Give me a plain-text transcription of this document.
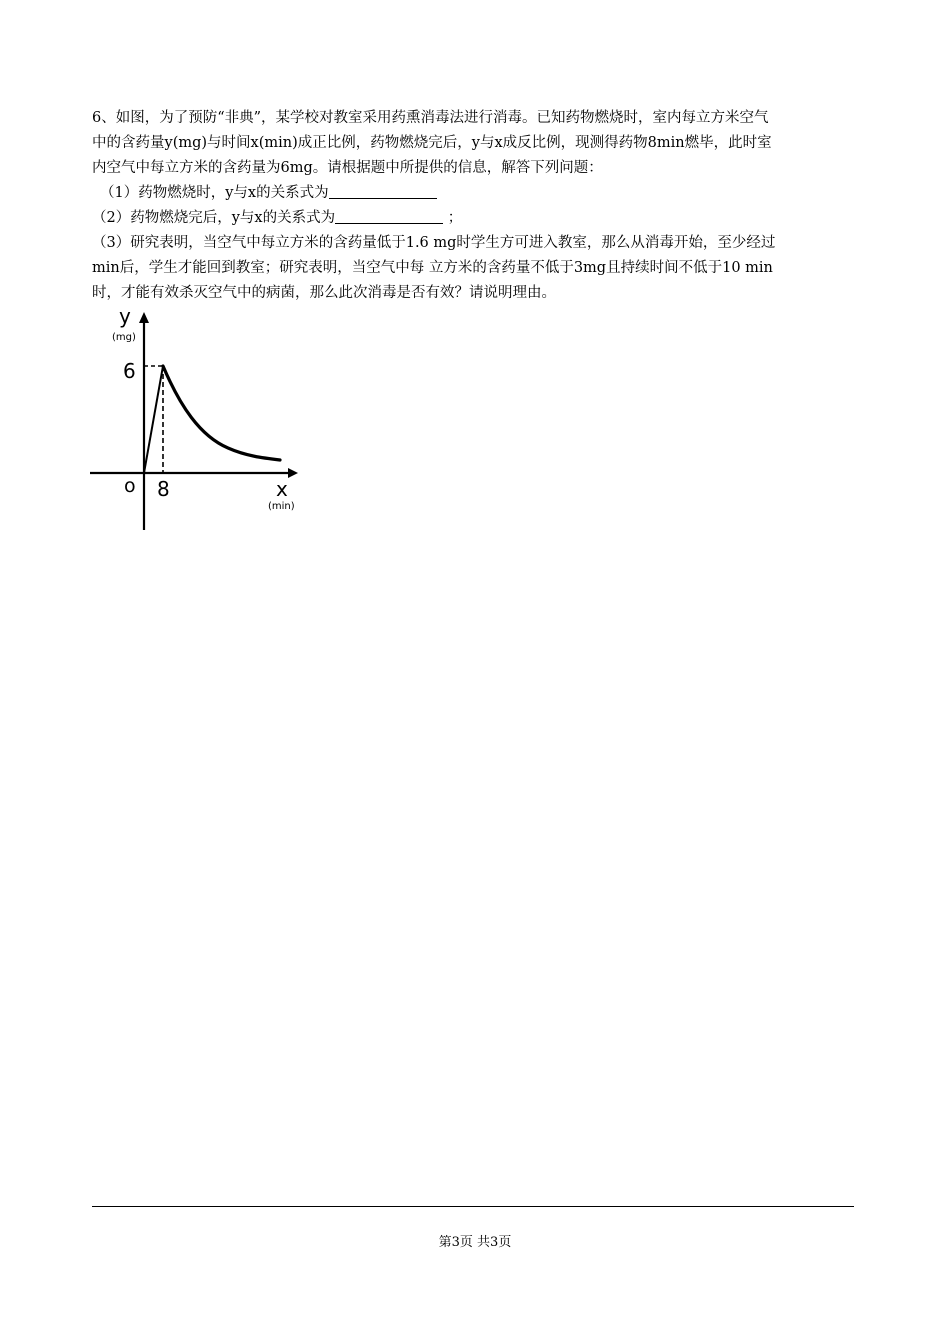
6、如图，为了预防“非典”，某学校对教室采用药熏消毒法进行消毒。已知药物燃烧时，室内每立方米空气

中的含药量y(mg)与时间x(min)成正比例，药物燃烧完后，y与x成反比例，现测得药物8min燃毕，此时室

内空气中每立方米的含药量为6mg。请根据题中所提供的信息，解答下列问题：

（1）药物燃烧时，y与x的关系式为

（2）药物燃烧完后，y与x的关系式为	；

（3）研究表明，当空气中每立方米的含药量低于1.6 mg时学生方可进入教室，那么从消毒开始，至少经过

min后，学生才能回到教室；研究表明，当空气中每 立方米的含药量不低于3mg且持续时间不低于10 min

时，才能有效杀灭空气中的病菌，那么此次消毒是否有效？请说明理由。

y
(mg)
6
o 8	x
(min)
第3页 共3页
